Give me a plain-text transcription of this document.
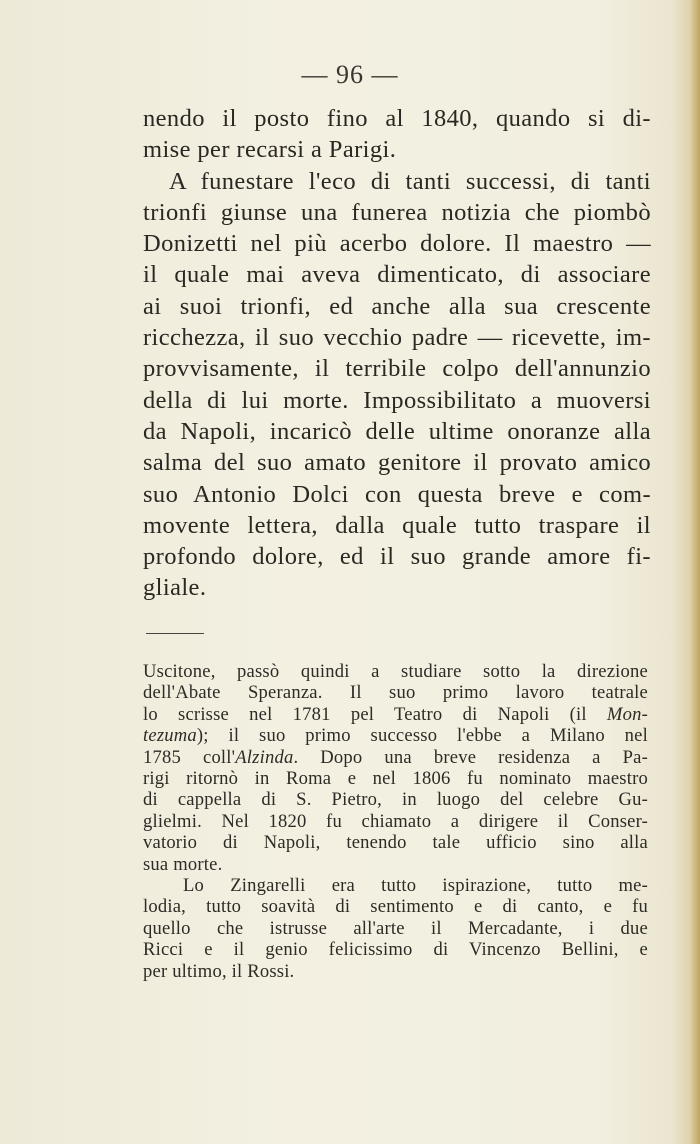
— 96 —
nendo il posto fino al 1840, quando si di-
mise per recarsi a Parigi.
A funestare l'eco di tanti successi, di tanti
trionfi giunse una funerea notizia che piombò
Donizetti nel più acerbo dolore. Il maestro —
il quale mai aveva dimenticato, di associare
ai suoi trionfi, ed anche alla sua crescente
ricchezza, il suo vecchio padre — ricevette, im-
provvisamente, il terribile colpo dell'annunzio
della di lui morte. Impossibilitato a muoversi
da Napoli, incaricò delle ultime onoranze alla
salma del suo amato genitore il provato amico
suo Antonio Dolci con questa breve e com-
movente lettera, dalla quale tutto traspare il
profondo dolore, ed il suo grande amore fi-
gliale.
Uscitone, passò quindi a studiare sotto la direzione
dell'Abate Speranza. Il suo primo lavoro teatrale
lo scrisse nel 1781 pel Teatro di Napoli (il Mon-
tezuma); il suo primo successo l'ebbe a Milano nel
1785 coll'Alzinda. Dopo una breve residenza a Pa-
rigi ritornò in Roma e nel 1806 fu nominato maestro
di cappella di S. Pietro, in luogo del celebre Gu-
glielmi. Nel 1820 fu chiamato a dirigere il Conser-
vatorio di Napoli, tenendo tale ufficio sino alla
sua morte.
Lo Zingarelli era tutto ispirazione, tutto me-
lodia, tutto soavità di sentimento e di canto, e fu
quello che istrusse all'arte il Mercadante, i due
Ricci e il genio felicissimo di Vincenzo Bellini, e
per ultimo, il Rossi.
